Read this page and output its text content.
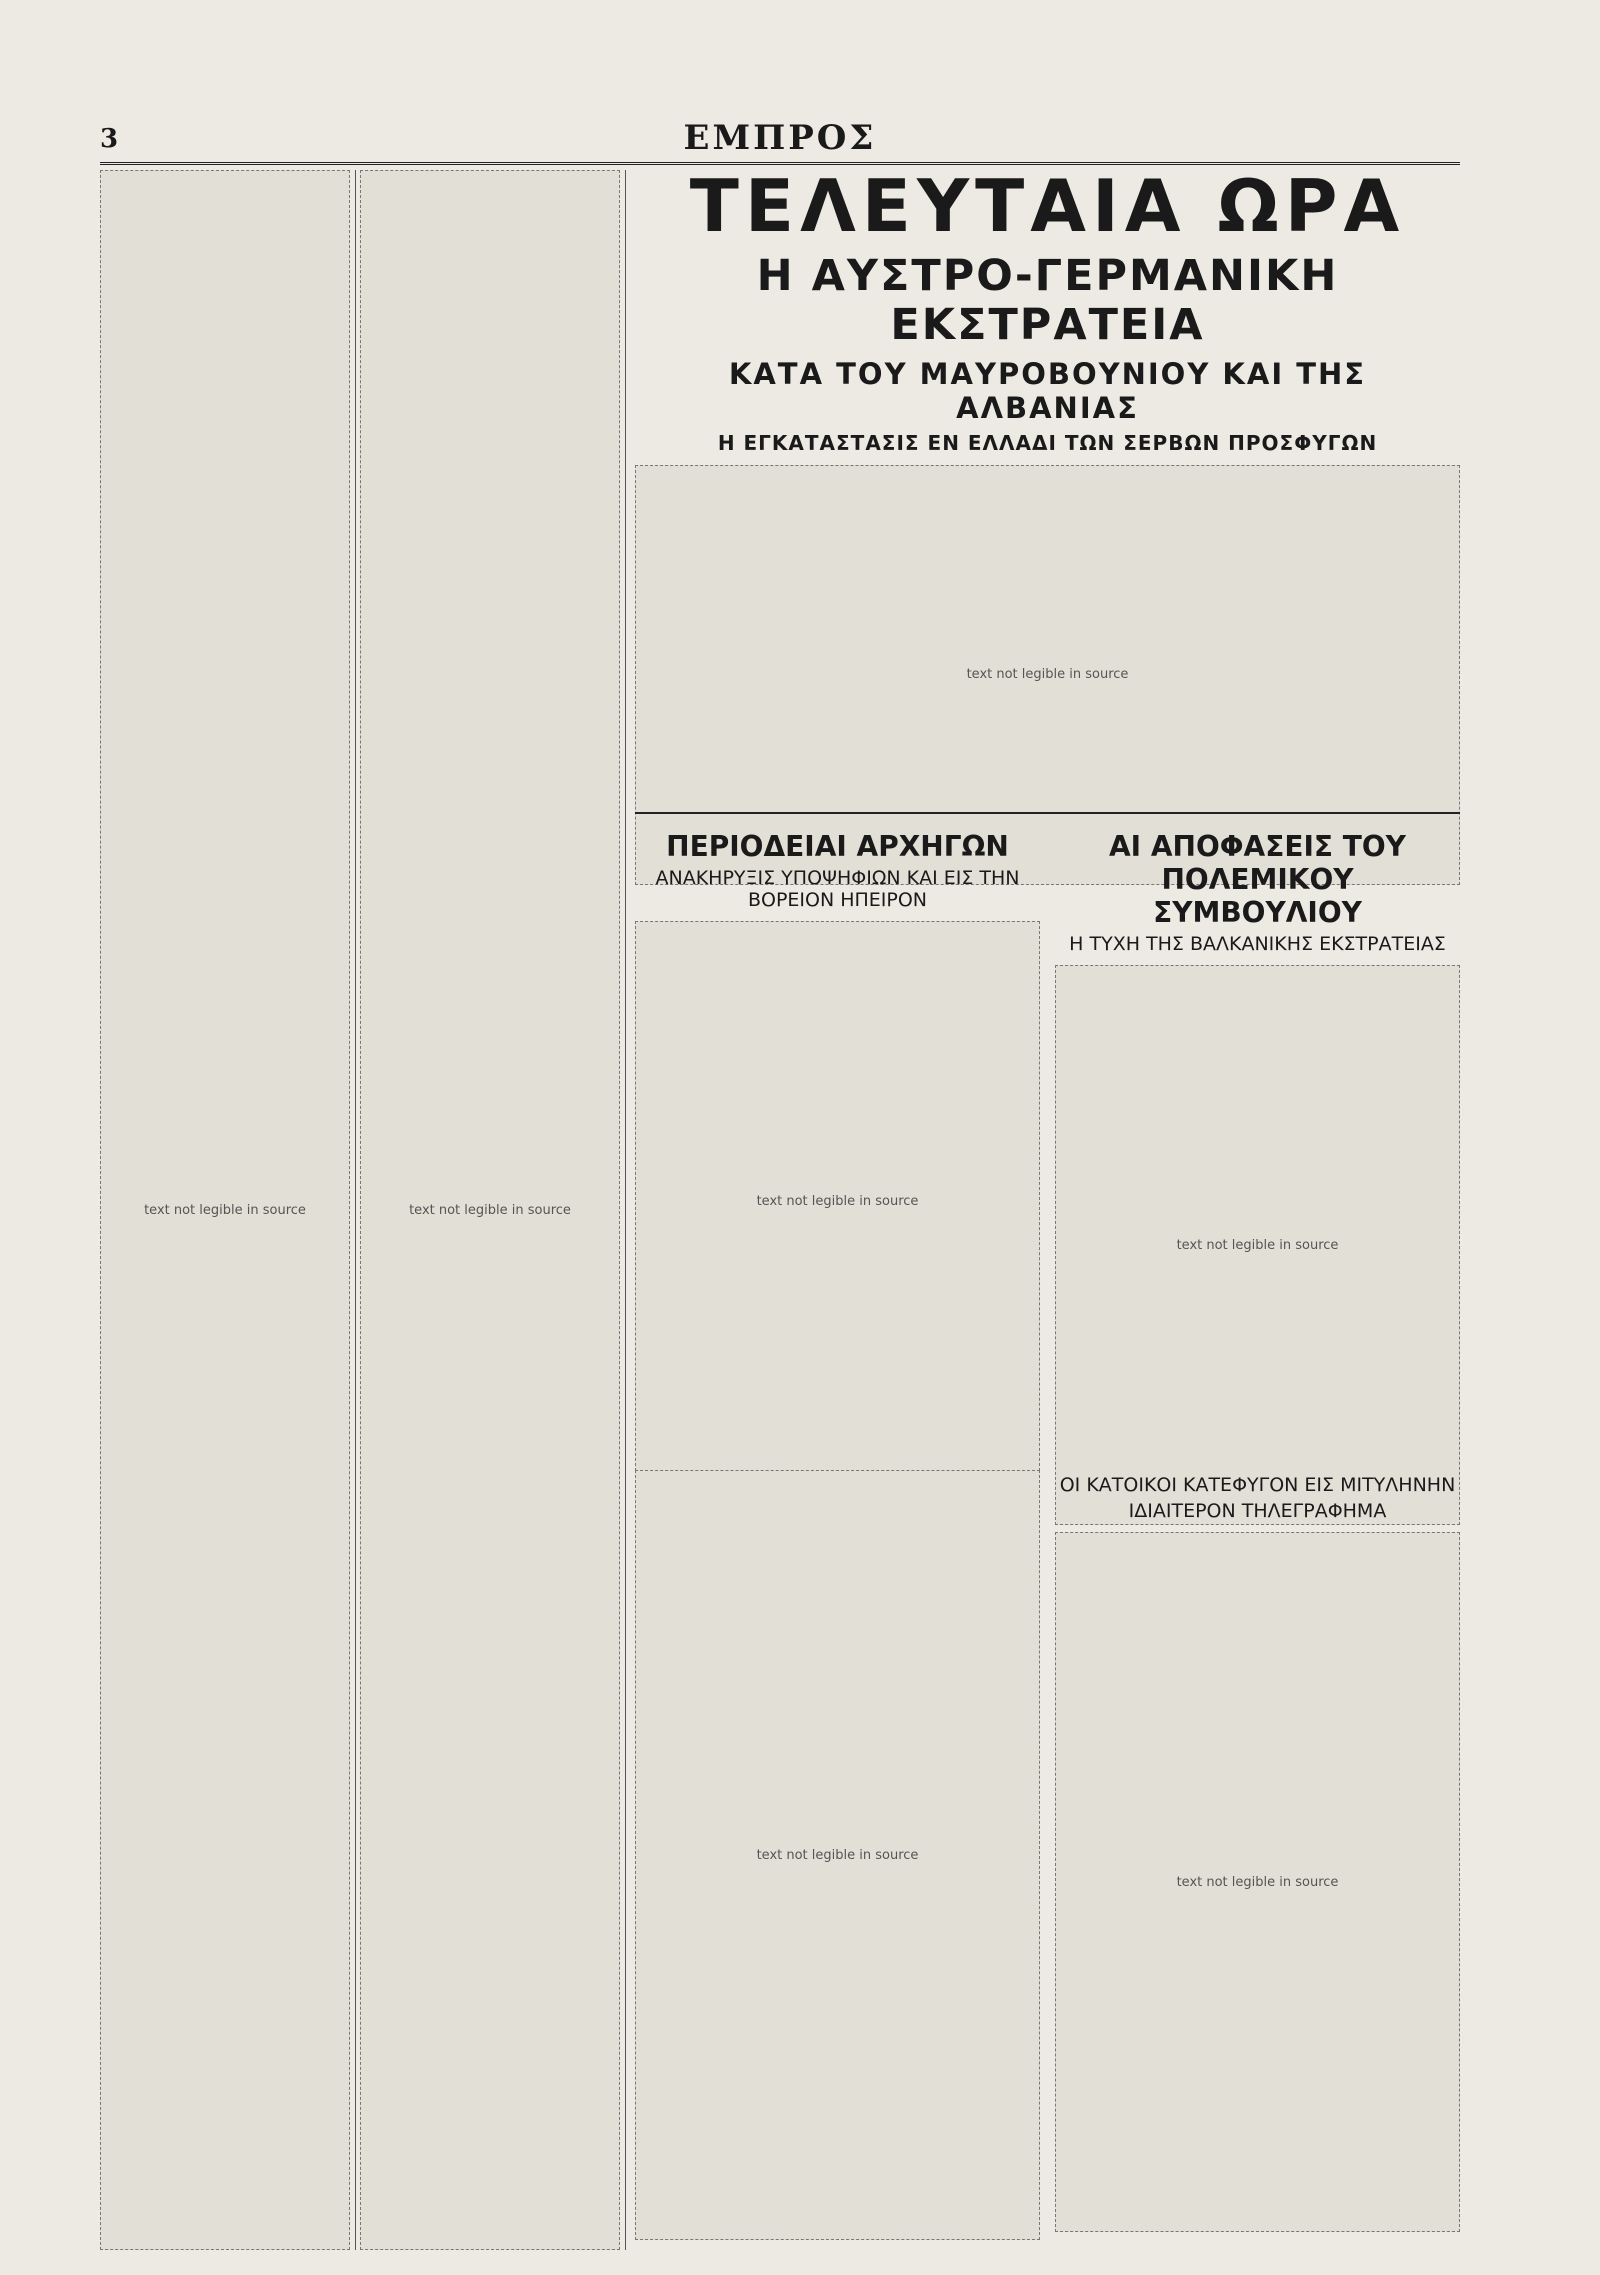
3	ΕΜΠΡΟΣ
text not legible in source	text not legible in source
ΤΕΛΕΥΤΑΙΑ ΩΡΑ
Η ΑΥΣΤΡΟ-ΓΕΡΜΑΝΙΚΗ ΕΚΣΤΡΑΤΕΙΑ
ΚΑΤΑ ΤΟΥ ΜΑΥΡΟΒΟΥΝΙΟΥ ΚΑΙ ΤΗΣ ΑΛΒΑΝΙΑΣ
Η ΕΓΚΑΤΑΣΤΑΣΙΣ ΕΝ ΕΛΛΑΔΙ ΤΩΝ ΣΕΡΒΩΝ ΠΡΟΣΦΥΓΩΝ
text not legible in source
ΠΕΡΙΟΔΕΙΑΙ ΑΡΧΗΓΩΝ
ΑΝΑΚΗΡΥΞΙΣ ΥΠΟΨΗΦΙΩΝ ΚΑΙ ΕΙΣ ΤΗΝ ΒΟΡΕΙΟΝ ΗΠΕΙΡΟΝ
text not legible in source
ΑΙ ΑΠΟΦΑΣΕΙΣ ΤΟΥ ΠΟΛΕΜΙΚΟΥ ΣΥΜΒΟΥΛΙΟΥ
Η ΤΥΧΗ ΤΗΣ ΒΑΛΚΑΝΙΚΗΣ ΕΚΣΤΡΑΤΕΙΑΣ
text not legible in source
ΟΙ ΚΑΤΟΙΚΟΙ ΚΑΤΕΦΥΓΟΝ ΕΙΣ ΜΙΤΥΛΗΝΗΝ
ΙΔΙΑΙΤΕΡΟΝ ΤΗΛΕΓΡΑΦΗΜΑ
text not legible in source
text not legible in source
